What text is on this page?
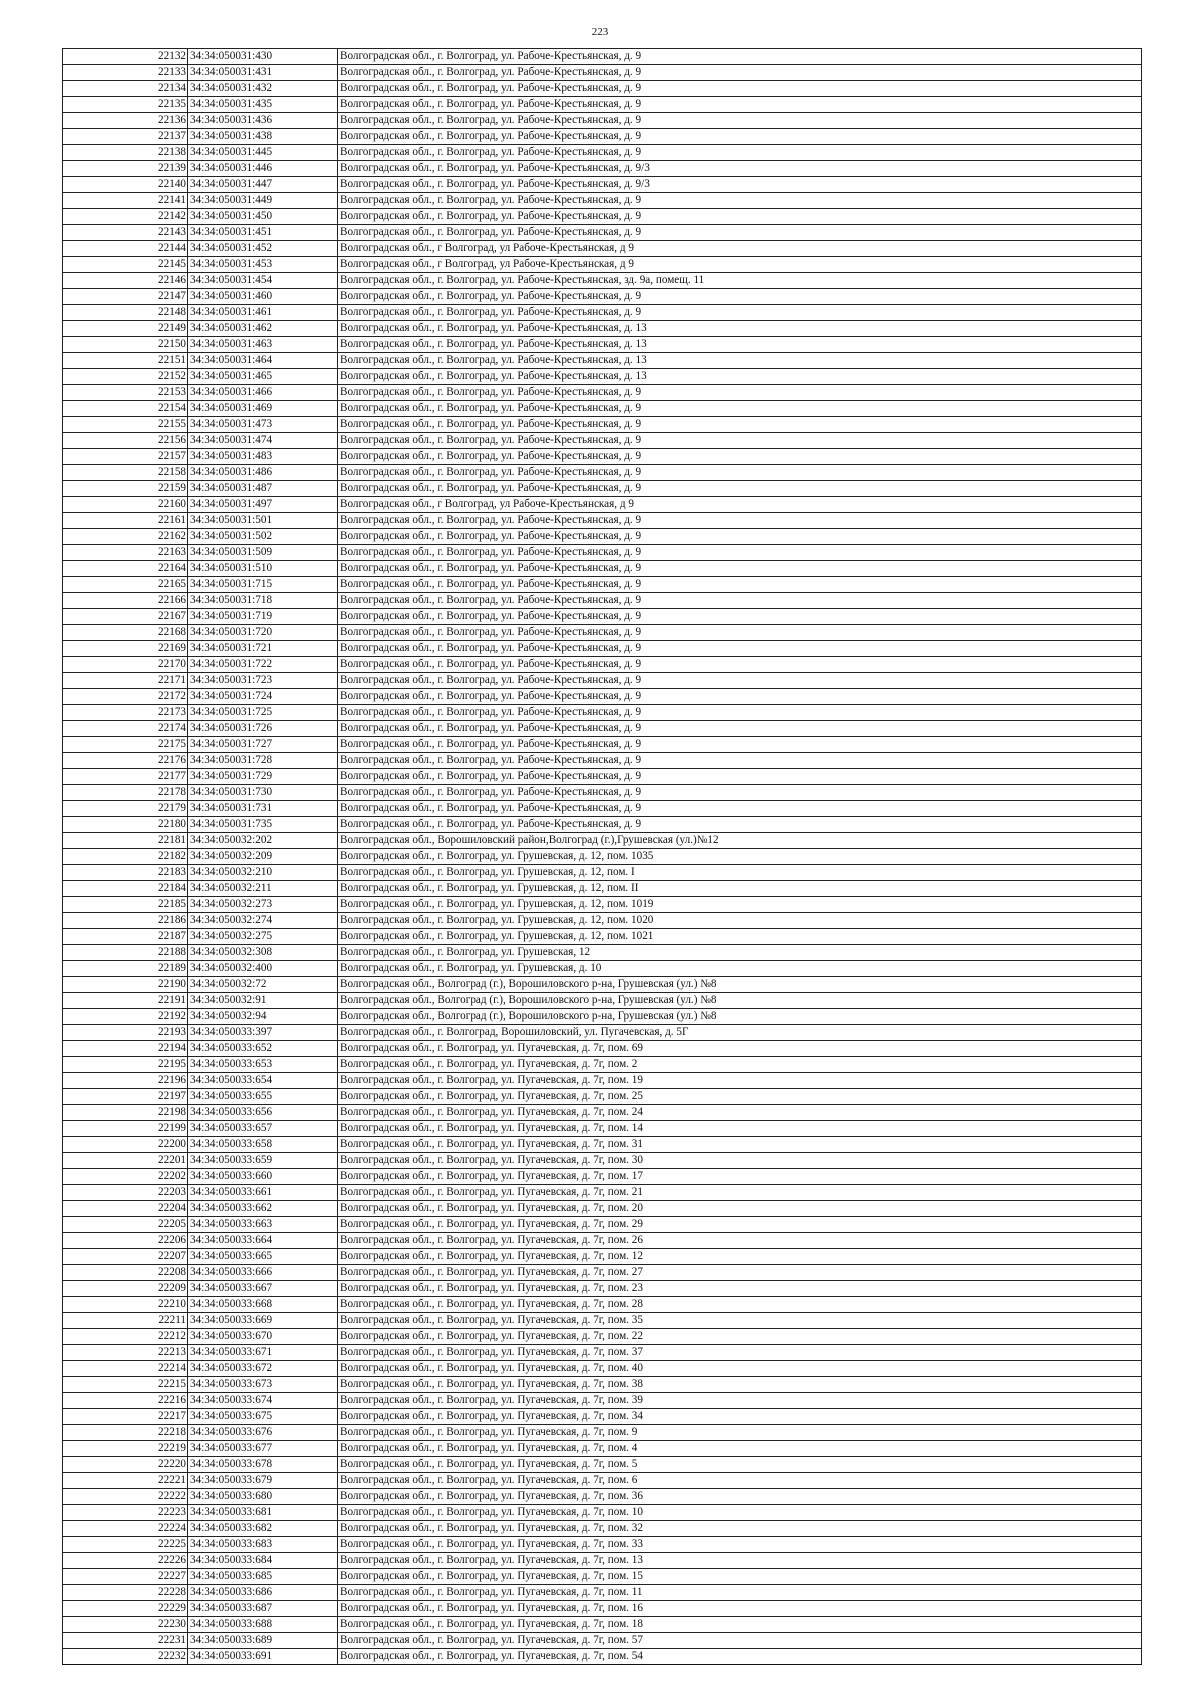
223
22132	34:34:050031:430	Волгоградская обл., г. Волгоград, ул. Рабоче-Крестьянская, д. 9
22133	34:34:050031:431	Волгоградская обл., г. Волгоград, ул. Рабоче-Крестьянская, д. 9
22134	34:34:050031:432	Волгоградская обл., г. Волгоград, ул. Рабоче-Крестьянская, д. 9
22135	34:34:050031:435	Волгоградская обл., г. Волгоград, ул. Рабоче-Крестьянская, д. 9
22136	34:34:050031:436	Волгоградская обл., г. Волгоград, ул. Рабоче-Крестьянская, д. 9
22137	34:34:050031:438	Волгоградская обл., г. Волгоград, ул. Рабоче-Крестьянская, д. 9
22138	34:34:050031:445	Волгоградская обл., г. Волгоград, ул. Рабоче-Крестьянская, д. 9
22139	34:34:050031:446	Волгоградская обл., г. Волгоград, ул. Рабоче-Крестьянская, д. 9/3
22140	34:34:050031:447	Волгоградская обл., г. Волгоград, ул. Рабоче-Крестьянская, д. 9/3
22141	34:34:050031:449	Волгоградская обл., г. Волгоград, ул. Рабоче-Крестьянская, д. 9
22142	34:34:050031:450	Волгоградская обл., г. Волгоград, ул. Рабоче-Крестьянская, д. 9
22143	34:34:050031:451	Волгоградская обл., г. Волгоград, ул. Рабоче-Крестьянская, д. 9
22144	34:34:050031:452	Волгоградская обл., г Волгоград, ул Рабоче-Крестьянская, д 9
22145	34:34:050031:453	Волгоградская обл., г Волгоград, ул Рабоче-Крестьянская, д 9
22146	34:34:050031:454	Волгоградская обл., г. Волгоград, ул. Рабоче-Крестьянская, зд. 9а, помещ. 11
22147	34:34:050031:460	Волгоградская обл., г. Волгоград, ул. Рабоче-Крестьянская, д. 9
22148	34:34:050031:461	Волгоградская обл., г. Волгоград, ул. Рабоче-Крестьянская, д. 9
22149	34:34:050031:462	Волгоградская обл., г. Волгоград, ул. Рабоче-Крестьянская, д. 13
22150	34:34:050031:463	Волгоградская обл., г. Волгоград, ул. Рабоче-Крестьянская, д. 13
22151	34:34:050031:464	Волгоградская обл., г. Волгоград, ул. Рабоче-Крестьянская, д. 13
22152	34:34:050031:465	Волгоградская обл., г. Волгоград, ул. Рабоче-Крестьянская, д. 13
22153	34:34:050031:466	Волгоградская обл., г. Волгоград, ул. Рабоче-Крестьянская, д. 9
22154	34:34:050031:469	Волгоградская обл., г. Волгоград, ул. Рабоче-Крестьянская, д. 9
22155	34:34:050031:473	Волгоградская обл., г. Волгоград, ул. Рабоче-Крестьянская, д. 9
22156	34:34:050031:474	Волгоградская обл., г. Волгоград, ул. Рабоче-Крестьянская, д. 9
22157	34:34:050031:483	Волгоградская обл., г. Волгоград, ул. Рабоче-Крестьянская, д. 9
22158	34:34:050031:486	Волгоградская обл., г. Волгоград, ул. Рабоче-Крестьянская, д. 9
22159	34:34:050031:487	Волгоградская обл., г. Волгоград, ул. Рабоче-Крестьянская, д. 9
22160	34:34:050031:497	Волгоградская обл., г Волгоград, ул Рабоче-Крестьянская, д 9
22161	34:34:050031:501	Волгоградская обл., г. Волгоград, ул. Рабоче-Крестьянская, д. 9
22162	34:34:050031:502	Волгоградская обл., г. Волгоград, ул. Рабоче-Крестьянская, д. 9
22163	34:34:050031:509	Волгоградская обл., г. Волгоград, ул. Рабоче-Крестьянская, д. 9
22164	34:34:050031:510	Волгоградская обл., г. Волгоград, ул. Рабоче-Крестьянская, д. 9
22165	34:34:050031:715	Волгоградская обл., г. Волгоград, ул. Рабоче-Крестьянская, д. 9
22166	34:34:050031:718	Волгоградская обл., г. Волгоград, ул. Рабоче-Крестьянская, д. 9
22167	34:34:050031:719	Волгоградская обл., г. Волгоград, ул. Рабоче-Крестьянская, д. 9
22168	34:34:050031:720	Волгоградская обл., г. Волгоград, ул. Рабоче-Крестьянская, д. 9
22169	34:34:050031:721	Волгоградская обл., г. Волгоград, ул. Рабоче-Крестьянская, д. 9
22170	34:34:050031:722	Волгоградская обл., г. Волгоград, ул. Рабоче-Крестьянская, д. 9
22171	34:34:050031:723	Волгоградская обл., г. Волгоград, ул. Рабоче-Крестьянская, д. 9
22172	34:34:050031:724	Волгоградская обл., г. Волгоград, ул. Рабоче-Крестьянская, д. 9
22173	34:34:050031:725	Волгоградская обл., г. Волгоград, ул. Рабоче-Крестьянская, д. 9
22174	34:34:050031:726	Волгоградская обл., г. Волгоград, ул. Рабоче-Крестьянская, д. 9
22175	34:34:050031:727	Волгоградская обл., г. Волгоград, ул. Рабоче-Крестьянская, д. 9
22176	34:34:050031:728	Волгоградская обл., г. Волгоград, ул. Рабоче-Крестьянская, д. 9
22177	34:34:050031:729	Волгоградская обл., г. Волгоград, ул. Рабоче-Крестьянская, д. 9
22178	34:34:050031:730	Волгоградская обл., г. Волгоград, ул. Рабоче-Крестьянская, д. 9
22179	34:34:050031:731	Волгоградская обл., г. Волгоград, ул. Рабоче-Крестьянская, д. 9
22180	34:34:050031:735	Волгоградская обл., г. Волгоград, ул. Рабоче-Крестьянская, д. 9
22181	34:34:050032:202	Волгоградская обл., Ворошиловский район,Волгоград (г.),Грушевская (ул.)№12
22182	34:34:050032:209	Волгоградская обл., г. Волгоград, ул. Грушевская, д. 12, пом. 1035
22183	34:34:050032:210	Волгоградская обл., г. Волгоград, ул. Грушевская, д. 12, пом. I
22184	34:34:050032:211	Волгоградская обл., г. Волгоград, ул. Грушевская, д. 12, пом. II
22185	34:34:050032:273	Волгоградская обл., г. Волгоград, ул. Грушевская, д. 12, пом. 1019
22186	34:34:050032:274	Волгоградская обл., г. Волгоград, ул. Грушевская, д. 12, пом. 1020
22187	34:34:050032:275	Волгоградская обл., г. Волгоград, ул. Грушевская, д. 12, пом. 1021
22188	34:34:050032:308	Волгоградская обл., г. Волгоград, ул. Грушевская, 12
22189	34:34:050032:400	Волгоградская обл., г. Волгоград, ул. Грушевская, д. 10
22190	34:34:050032:72	Волгоградская обл., Волгоград (г.), Ворошиловского р-на, Грушевская (ул.) №8
22191	34:34:050032:91	Волгоградская обл., Волгоград (г.), Ворошиловского р-на, Грушевская (ул.) №8
22192	34:34:050032:94	Волгоградская обл., Волгоград (г.), Ворошиловского р-на, Грушевская (ул.) №8
22193	34:34:050033:397	Волгоградская обл., г. Волгоград, Ворошиловский, ул. Пугачевская, д. 5Г
22194	34:34:050033:652	Волгоградская обл., г. Волгоград, ул. Пугачевская, д. 7г, пом. 69
22195	34:34:050033:653	Волгоградская обл., г. Волгоград, ул. Пугачевская, д. 7г, пом. 2
22196	34:34:050033:654	Волгоградская обл., г. Волгоград, ул. Пугачевская, д. 7г, пом. 19
22197	34:34:050033:655	Волгоградская обл., г. Волгоград, ул. Пугачевская, д. 7г, пом. 25
22198	34:34:050033:656	Волгоградская обл., г. Волгоград, ул. Пугачевская, д. 7г, пом. 24
22199	34:34:050033:657	Волгоградская обл., г. Волгоград, ул. Пугачевская, д. 7г, пом. 14
22200	34:34:050033:658	Волгоградская обл., г. Волгоград, ул. Пугачевская, д. 7г, пом. 31
22201	34:34:050033:659	Волгоградская обл., г. Волгоград, ул. Пугачевская, д. 7г, пом. 30
22202	34:34:050033:660	Волгоградская обл., г. Волгоград, ул. Пугачевская, д. 7г, пом. 17
22203	34:34:050033:661	Волгоградская обл., г. Волгоград, ул. Пугачевская, д. 7г, пом. 21
22204	34:34:050033:662	Волгоградская обл., г. Волгоград, ул. Пугачевская, д. 7г, пом. 20
22205	34:34:050033:663	Волгоградская обл., г. Волгоград, ул. Пугачевская, д. 7г, пом. 29
22206	34:34:050033:664	Волгоградская обл., г. Волгоград, ул. Пугачевская, д. 7г, пом. 26
22207	34:34:050033:665	Волгоградская обл., г. Волгоград, ул. Пугачевская, д. 7г, пом. 12
22208	34:34:050033:666	Волгоградская обл., г. Волгоград, ул. Пугачевская, д. 7г, пом. 27
22209	34:34:050033:667	Волгоградская обл., г. Волгоград, ул. Пугачевская, д. 7г, пом. 23
22210	34:34:050033:668	Волгоградская обл., г. Волгоград, ул. Пугачевская, д. 7г, пом. 28
22211	34:34:050033:669	Волгоградская обл., г. Волгоград, ул. Пугачевская, д. 7г, пом. 35
22212	34:34:050033:670	Волгоградская обл., г. Волгоград, ул. Пугачевская, д. 7г, пом. 22
22213	34:34:050033:671	Волгоградская обл., г. Волгоград, ул. Пугачевская, д. 7г, пом. 37
22214	34:34:050033:672	Волгоградская обл., г. Волгоград, ул. Пугачевская, д. 7г, пом. 40
22215	34:34:050033:673	Волгоградская обл., г. Волгоград, ул. Пугачевская, д. 7г, пом. 38
22216	34:34:050033:674	Волгоградская обл., г. Волгоград, ул. Пугачевская, д. 7г, пом. 39
22217	34:34:050033:675	Волгоградская обл., г. Волгоград, ул. Пугачевская, д. 7г, пом. 34
22218	34:34:050033:676	Волгоградская обл., г. Волгоград, ул. Пугачевская, д. 7г, пом. 9
22219	34:34:050033:677	Волгоградская обл., г. Волгоград, ул. Пугачевская, д. 7г, пом. 4
22220	34:34:050033:678	Волгоградская обл., г. Волгоград, ул. Пугачевская, д. 7г, пом. 5
22221	34:34:050033:679	Волгоградская обл., г. Волгоград, ул. Пугачевская, д. 7г, пом. 6
22222	34:34:050033:680	Волгоградская обл., г. Волгоград, ул. Пугачевская, д. 7г, пом. 36
22223	34:34:050033:681	Волгоградская обл., г. Волгоград, ул. Пугачевская, д. 7г, пом. 10
22224	34:34:050033:682	Волгоградская обл., г. Волгоград, ул. Пугачевская, д. 7г, пом. 32
22225	34:34:050033:683	Волгоградская обл., г. Волгоград, ул. Пугачевская, д. 7г, пом. 33
22226	34:34:050033:684	Волгоградская обл., г. Волгоград, ул. Пугачевская, д. 7г, пом. 13
22227	34:34:050033:685	Волгоградская обл., г. Волгоград, ул. Пугачевская, д. 7г, пом. 15
22228	34:34:050033:686	Волгоградская обл., г. Волгоград, ул. Пугачевская, д. 7г, пом. 11
22229	34:34:050033:687	Волгоградская обл., г. Волгоград, ул. Пугачевская, д. 7г, пом. 16
22230	34:34:050033:688	Волгоградская обл., г. Волгоград, ул. Пугачевская, д. 7г, пом. 18
22231	34:34:050033:689	Волгоградская обл., г. Волгоград, ул. Пугачевская, д. 7г, пом. 57
22232	34:34:050033:691	Волгоградская обл., г. Волгоград, ул. Пугачевская, д. 7г, пом. 54
